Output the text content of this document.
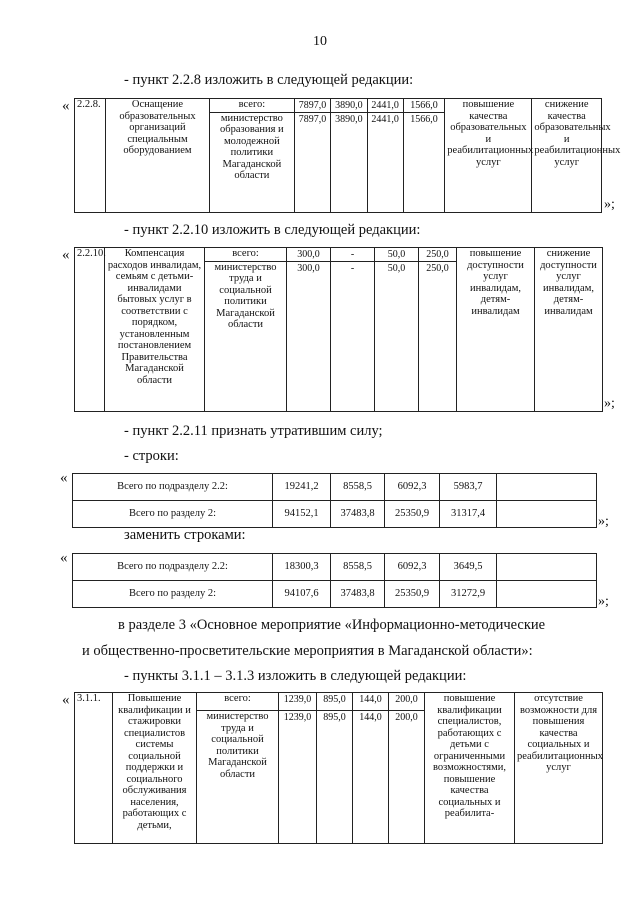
10
- пункт 2.2.8 изложить в следующей редакции:
« 2.2.8.	Оснащение образовательных организаций специальным оборудованием	всего:	7897,0	3890,0	2441,0	1566,0	повышение качества образовательных и реабилитационных услуг	снижение качества образовательных и реабилитационных услуг
		министерство образования и молодежной политики Магаданской области	7897,0	3890,0	2441,0	1566,0		
»;
- пункт 2.2.10 изложить в следующей редакции:
« 2.2.10.	Компенсация расходов инвалидам, семьям с детьми-инвалидами бытовых услуг в соответствии с порядком, установленным постановлением Правительства Магаданской области	всего:	300,0	-	50,0	250,0	повышение доступности услуг инвалидам, детям-инвалидам	снижение доступности услуг инвалидам, детям-инвалидам
		министерство труда и социальной политики Магаданской области	300,0	-	50,0	250,0		
»;
- пункт 2.2.11 признать утратившим силу;
- строки:
«
Всего по подразделу 2.2:	19241,2	8558,5	6092,3	5983,7	
Всего по разделу 2:	94152,1	37483,8	25350,9	31317,4	
»;
заменить строками:
«
Всего по подразделу 2.2:	18300,3	8558,5	6092,3	3649,5	
Всего по разделу 2:	94107,6	37483,8	25350,9	31272,9	
»;
в разделе 3 «Основное мероприятие «Информационно-методические
и общественно-просветительские мероприятия в Магаданской области»:
- пункты 3.1.1 – 3.1.3 изложить в следующей редакции:
« 3.1.1.	Повышение квалификации и стажировки специалистов системы социальной поддержки и социального обслуживания населения, работающих с детьми,	всего:	1239,0	895,0	144,0	200,0	повышение квалификации специалистов, работающих с детьми с ограниченными возможностями, повышение качества социальных и реабилита-	отсутствие возможности для повышения качества социальных и реабилитационных услуг
		министерство труда и социальной политики Магаданской области	1239,0	895,0	144,0	200,0		
